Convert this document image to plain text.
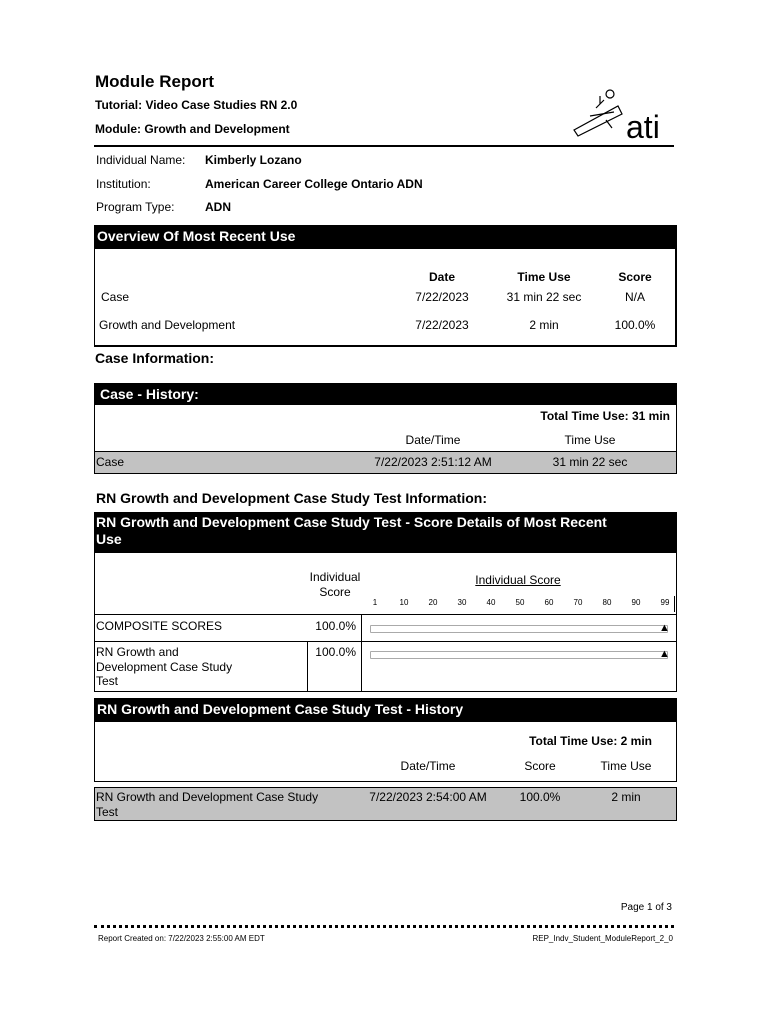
Module Report
Tutorial: Video Case Studies RN 2.0
Module: Growth and Development	ati
Individual Name: Kimberly Lozano
Institution:	American Career College Ontario ADN
Program Type:	ADN
Overview Of Most Recent Use
Date	Time Use	Score
Case	7/22/2023	31 min 22 sec	N/A
Growth and Development	7/22/2023	2 min	100.0%
Case Information:
Case - History:
Total Time Use: 31 min
Date/Time	Time Use
Case	7/22/2023 2:51:12 AM	31 min 22 sec
RN Growth and Development Case Study Test Information:
RN Growth and Development Case Study Test - Score Details of Most Recent
Use
Individual
Score
Individual Score
1	10	20	30	40	50	60	70	80	90	99
COMPOSITE SCORES	100.0%	▲
RN Growth and
Development Case Study
Test
100.0%	▲
RN Growth and Development Case Study Test - History
Total Time Use: 2 min
Date/Time	Score	Time Use
RN Growth and Development Case Study
Test
7/22/2023 2:54:00 AM	100.0%	2 min
Page 1 of 3
Report Created on: 7/22/2023 2:55:00 AM EDT	REP_Indv_Student_ModuleReport_2_0
